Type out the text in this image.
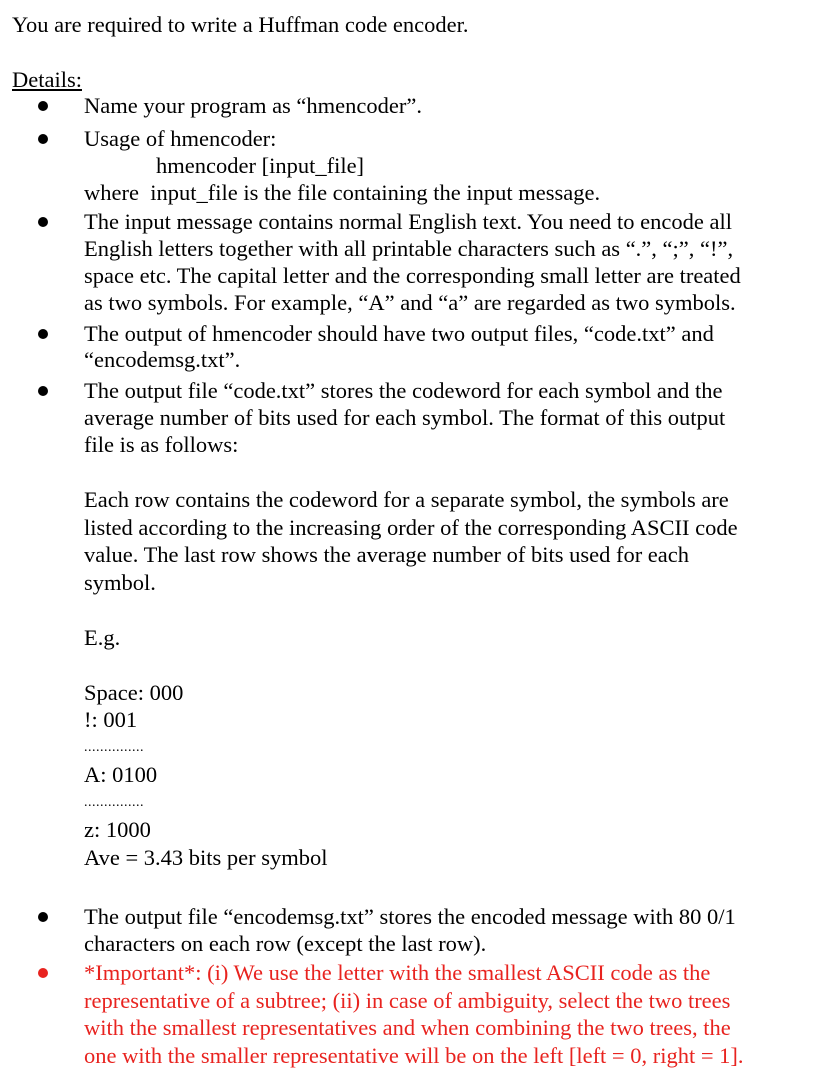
You are required to write a Huffman code encoder.
Details:
Name your program as “hmencoder”.
Usage of hmencoder:
hmencoder [input_file]
where  input_file is the file containing the input message.
The input message contains normal English text. You need to encode all
English letters together with all printable characters such as “.”, “;”, “!”,
space etc. The capital letter and the corresponding small letter are treated
as two symbols. For example, “A” and “a” are regarded as two symbols.
The output of hmencoder should have two output files, “code.txt” and
“encodemsg.txt”.
The output file “code.txt” stores the codeword for each symbol and the
average number of bits used for each symbol. The format of this output
file is as follows:
Each row contains the codeword for a separate symbol, the symbols are
listed according to the increasing order of the corresponding ASCII code
value. The last row shows the average number of bits used for each
symbol.
E.g.
Space: 000
!: 001
...............
A: 0100
...............
z: 1000
Ave = 3.43 bits per symbol
The output file “encodemsg.txt” stores the encoded message with 80 0/1
characters on each row (except the last row).
*Important*: (i) We use the letter with the smallest ASCII code as the
representative of a subtree; (ii) in case of ambiguity, select the two trees
with the smallest representatives and when combining the two trees, the
one with the smaller representative will be on the left [left = 0, right = 1].
